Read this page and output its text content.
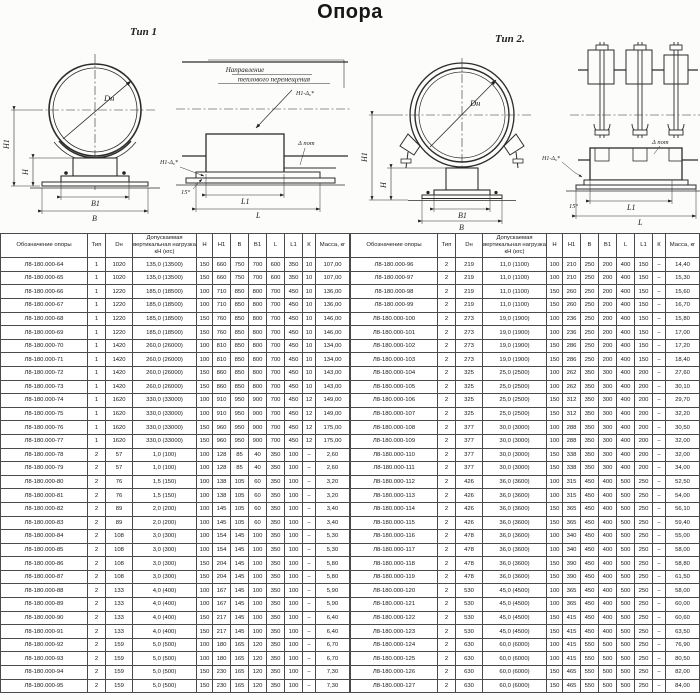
Опора
Тип 1
Dн
Н1
Н
В1
В
Направление
теплового перемещения
Н1-Δ₆*
Н1-Δ₆*
Δ пот
15°
L1
L
Тип 2.
Dн
Н1
Н
В1
В
Н1-Δ₆*
Δ пот
15°	L1
L
Обозначение опоры	Тип	Dн	Допускаемая вертикальная нагрузка кН (кгс)	Н	Н1	В	В1	L	L1	К	Масса, кг
Л8-180.000-64	1	1020	135,0 (13500)	150	660	750	700	600	350	10	107,00
Л8-180.000-65	1	1020	135,0 (13500)	150	660	750	700	600	350	10	107,00
Л8-180.000-66	1	1220	185,0 (18500)	100	710	850	800	700	450	10	136,00
Л8-180.000-67	1	1220	185,0 (18500)	100	710	850	800	700	450	10	136,00
Л8-180.000-68	1	1220	185,0 (18500)	150	760	850	800	700	450	10	146,00
Л8-180.000-69	1	1220	185,0 (18500)	150	760	850	800	700	450	10	146,00
Л8-180.000-70	1	1420	260,0 (26000)	100	810	850	800	700	450	10	134,00
Л8-180.000-71	1	1420	260,0 (26000)	100	810	850	800	700	450	10	134,00
Л8-180.000-72	1	1420	260,0 (26000)	150	860	850	800	700	450	10	143,00
Л8-180.000-73	1	1420	260,0 (26000)	150	860	850	800	700	450	10	143,00
Л8-180.000-74	1	1620	330,0 (33000)	100	910	950	900	700	450	12	149,00
Л8-180.000-75	1	1620	330,0 (33000)	100	910	950	900	700	450	12	149,00
Л8-180.000-76	1	1620	330,0 (33000)	150	960	950	900	700	450	12	175,00
Л8-180.000-77	1	1620	330,0 (33000)	150	960	950	900	700	450	12	175,00
Л8-180.000-78	2	57	1,0 (100)	100	128	85	40	350	100	–	2,60
Л8-180.000-79	2	57	1,0 (100)	100	128	85	40	350	100	–	2,60
Л8-180.000-80	2	76	1,5 (150)	100	138	105	60	350	100	–	3,20
Л8-180.000-81	2	76	1,5 (150)	100	138	105	60	350	100	–	3,20
Л8-180.000-82	2	89	2,0 (200)	100	145	105	60	350	100	–	3,40
Л8-180.000-83	2	89	2,0 (200)	100	145	105	60	350	100	–	3,40
Л8-180.000-84	2	108	3,0 (300)	100	154	145	100	350	100	–	5,30
Л8-180.000-85	2	108	3,0 (300)	100	154	145	100	350	100	–	5,30
Л8-180.000-86	2	108	3,0 (300)	150	204	145	100	350	100	–	5,80
Л8-180.000-87	2	108	3,0 (300)	150	204	145	100	350	100	–	5,80
Л8-180.000-88	2	133	4,0 (400)	100	167	145	100	350	100	–	5,90
Л8-180.000-89	2	133	4,0 (400)	100	167	145	100	350	100	–	5,90
Л8-180.000-90	2	133	4,0 (400)	150	217	145	100	350	100	–	6,40
Л8-180.000-91	2	133	4,0 (400)	150	217	145	100	350	100	–	6,40
Л8-180.000-92	2	159	5,0 (500)	100	180	165	120	350	100	–	6,70
Л8-180.000-93	2	159	5,0 (500)	100	180	165	120	350	100	–	6,70
Л8-180.000-94	2	159	5,0 (500)	150	230	165	120	350	100	–	7,30
Л8-180.000-95	2	159	5,0 (500)	150	230	165	120	350	100	–	7,30
Обозначение опоры	Тип	Dн	Допускаемая вертикальная нагрузка кН (кгс)	Н	Н1	В	В1	L	L1	К	Масса, кг
Л8-180.000-96	2	219	11,0 (1100)	100	210	250	200	400	150	–	14,40
Л8-180.000-97	2	219	11,0 (1100)	100	210	250	200	400	150	–	15,30
Л8-180.000-98	2	219	11,0 (1100)	150	260	250	200	400	150	–	15,60
Л8-180.000-99	2	219	11,0 (1100)	150	260	250	200	400	150	–	16,70
Л8-180.000-100	2	273	19,0 (1900)	100	236	250	200	400	150	–	15,80
Л8-180.000-101	2	273	19,0 (1900)	100	236	250	200	400	150	–	17,00
Л8-180.000-102	2	273	19,0 (1900)	150	286	250	200	400	150	–	17,20
Л8-180.000-103	2	273	19,0 (1900)	150	286	250	200	400	150	–	18,40
Л8-180.000-104	2	325	25,0 (2500)	100	262	350	300	400	200	–	27,60
Л8-180.000-105	2	325	25,0 (2500)	100	262	350	300	400	200	–	30,10
Л8-180.000-106	2	325	25,0 (2500)	150	312	350	300	400	200	–	29,70
Л8-180.000-107	2	325	25,0 (2500)	150	312	350	300	400	200	–	32,20
Л8-180.000-108	2	377	30,0 (3000)	100	288	350	300	400	200	–	30,50
Л8-180.000-109	2	377	30,0 (3000)	100	288	350	300	400	200	–	32,00
Л8-180.000-110	2	377	30,0 (3000)	150	338	350	300	400	200	–	32,00
Л8-180.000-111	2	377	30,0 (3000)	150	338	350	300	400	200	–	34,00
Л8-180.000-112	2	426	36,0 (3600)	100	315	450	400	500	250	–	52,50
Л8-180.000-113	2	426	36,0 (3600)	100	315	450	400	500	250	–	54,00
Л8-180.000-114	2	426	36,0 (3600)	150	365	450	400	500	250	–	56,10
Л8-180.000-115	2	426	36,0 (3600)	150	365	450	400	500	250	–	59,40
Л8-180.000-116	2	478	36,0 (3600)	100	340	450	400	500	250	–	55,00
Л8-180.000-117	2	478	36,0 (3600)	100	340	450	400	500	250	–	58,00
Л8-180.000-118	2	478	36,0 (3600)	150	390	450	400	500	250	–	58,80
Л8-180.000-119	2	478	36,0 (3600)	150	390	450	400	500	250	–	61,50
Л8-180.000-120	2	530	45,0 (4500)	100	365	450	400	500	250	–	58,00
Л8-180.000-121	2	530	45,0 (4500)	100	365	450	400	500	250	–	60,00
Л8-180.000-122	2	530	45,0 (4500)	150	415	450	400	500	250	–	60,60
Л8-180.000-123	2	530	45,0 (4500)	150	415	450	400	500	250	–	63,50
Л8-180.000-124	2	630	60,0 (6000)	100	415	550	500	500	250	–	76,90
Л8-180.000-125	2	630	60,0 (6000)	100	415	550	500	500	250	–	80,50
Л8-180.000-126	2	630	60,0 (6000)	150	465	550	500	500	250	–	82,00
Л8-180.000-127	2	630	60,0 (6000)	150	465	550	500	500	250	–	84,00
